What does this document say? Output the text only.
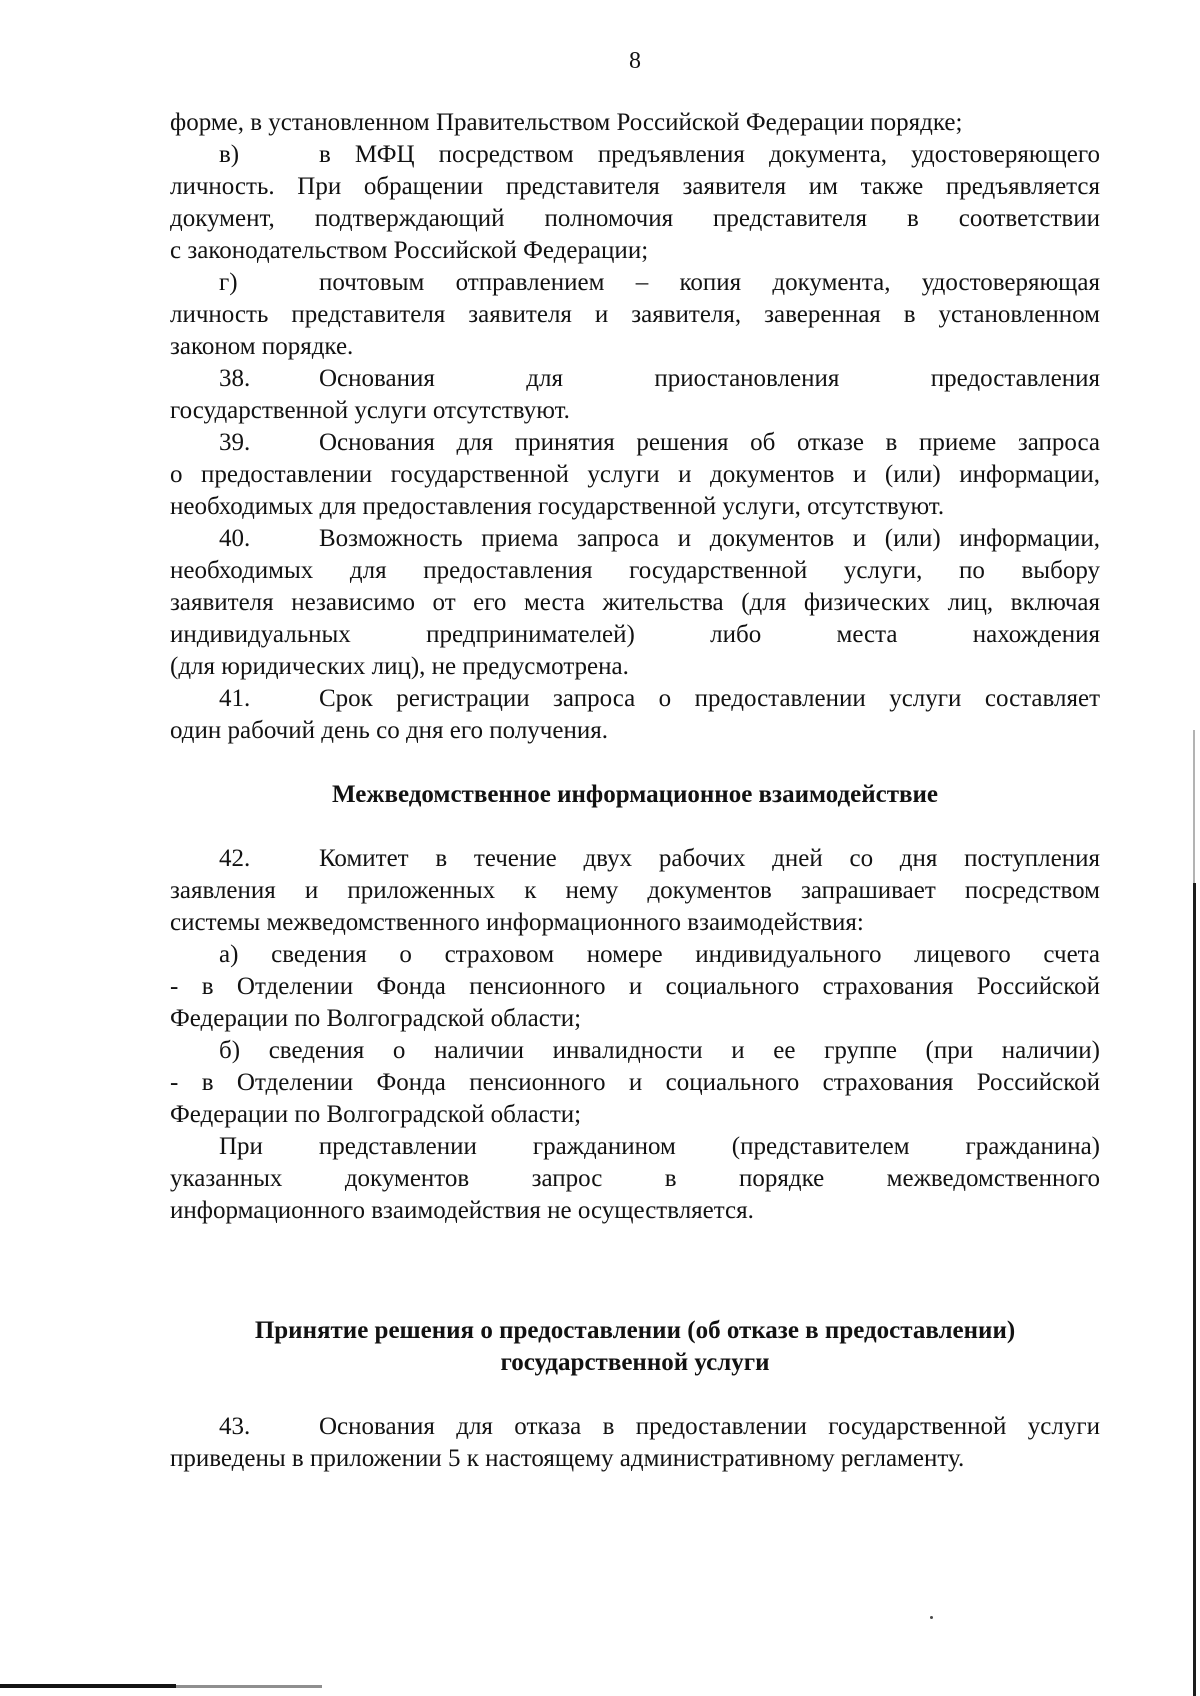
8
форме, в установленном Правительством Российской Федерации порядке;
в)	в МФЦ посредством предъявления документа, удостоверяющего
личность. При обращении представителя заявителя им также предъявляется
документ, подтверждающий полномочия представителя в соответствии
с законодательством Российской Федерации;
г)	почтовым отправлением – копия документа, удостоверяющая
личность представителя заявителя и заявителя, заверенная в установленном
законом порядке.
38.	Основания для приостановления предоставления
государственной услуги отсутствуют.
39.	Основания для принятия решения об отказе в приеме запроса
о предоставлении государственной услуги и документов и (или) информации,
необходимых для предоставления государственной услуги, отсутствуют.
40.	Возможность приема запроса и документов и (или) информации,
необходимых для предоставления государственной услуги, по выбору
заявителя независимо от его места жительства (для физических лиц, включая
индивидуальных предпринимателей) либо места нахождения
(для юридических лиц), не предусмотрена.
41.	Срок регистрации запроса о предоставлении услуги составляет
один рабочий день со дня его получения.
Межведомственное информационное взаимодействие
42.	Комитет в течение двух рабочих дней со дня поступления
заявления и приложенных к нему документов запрашивает посредством
системы межведомственного информационного взаимодействия:
а) сведения о страховом номере индивидуального лицевого счета
- в Отделении Фонда пенсионного и социального страхования Российской
Федерации по Волгоградской области;
б) сведения о наличии инвалидности и ее группе (при наличии)
- в Отделении Фонда пенсионного и социального страхования Российской
Федерации по Волгоградской области;
При представлении гражданином (представителем гражданина)
указанных документов запрос в порядке межведомственного
информационного взаимодействия не осуществляется.
Принятие решения о предоставлении (об отказе в предоставлении)
государственной услуги
43.	Основания для отказа в предоставлении государственной услуги
приведены в приложении 5 к настоящему административному регламенту.
